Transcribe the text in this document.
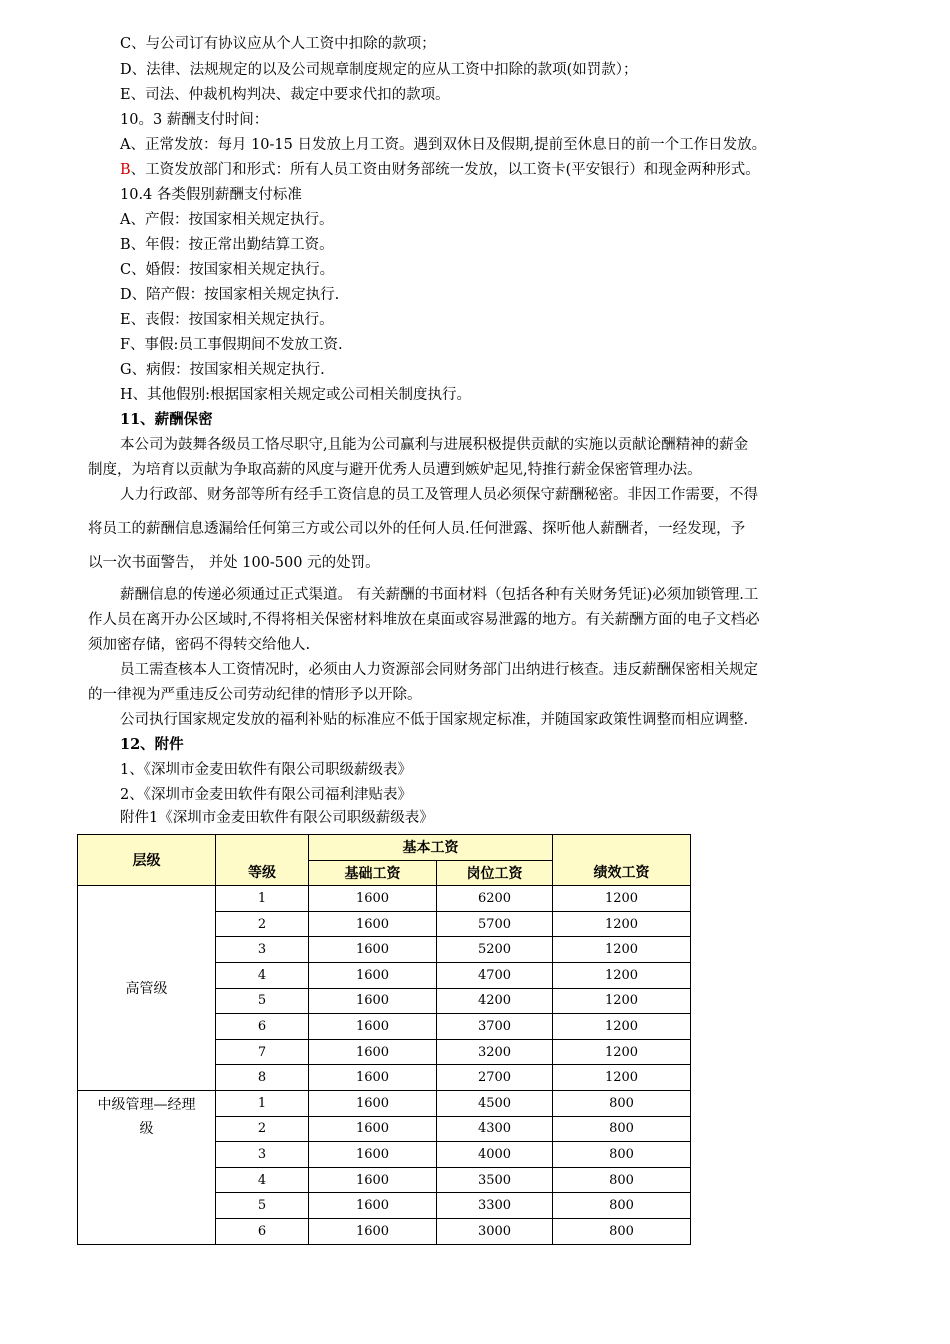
C、与公司订有协议应从个人工资中扣除的款项；
D、法律、法规规定的以及公司规章制度规定的应从工资中扣除的款项(如罚款）；
E、司法、仲裁机构判决、裁定中要求代扣的款项。
10。3 薪酬支付时间：
A、正常发放：每月 10-15 日发放上月工资。遇到双休日及假期,提前至休息日的前一个工作日发放。
B、工资发放部门和形式：所有人员工资由财务部统一发放，以工资卡(平安银行）和现金两种形式。
10.4 各类假别薪酬支付标准
A、产假：按国家相关规定执行。
B、年假：按正常出勤结算工资。
C、婚假：按国家相关规定执行。
D、陪产假：按国家相关规定执行.
E、丧假：按国家相关规定执行。
F、事假:员工事假期间不发放工资.
G、病假：按国家相关规定执行.
H、其他假别:根据国家相关规定或公司相关制度执行。
11、薪酬保密
本公司为鼓舞各级员工恪尽职守,且能为公司赢利与进展积极提供贡献的实施以贡献论酬精神的薪金
制度，为培育以贡献为争取高薪的风度与避开优秀人员遭到嫉妒起见,特推行薪金保密管理办法。
人力行政部、财务部等所有经手工资信息的员工及管理人员必须保守薪酬秘密。非因工作需要，不得
将员工的薪酬信息透漏给任何第三方或公司以外的任何人员.任何泄露、探听他人薪酬者，一经发现，予
以一次书面警告， 并处 100-500 元的处罚。
薪酬信息的传递必须通过正式渠道。 有关薪酬的书面材料（包括各种有关财务凭证)必须加锁管理.工
作人员在离开办公区域时,不得将相关保密材料堆放在桌面或容易泄露的地方。有关薪酬方面的电子文档必
须加密存储，密码不得转交给他人.
员工需查核本人工资情况时，必须由人力资源部会同财务部门出纳进行核查。违反薪酬保密相关规定
的一律视为严重违反公司劳动纪律的情形予以开除。
公司执行国家规定发放的福利补贴的标准应不低于国家规定标准，并随国家政策性调整而相应调整.
12、附件
1、《深圳市金麦田软件有限公司职级薪级表》
2、《深圳市金麦田软件有限公司福利津贴表》
附件1《深圳市金麦田软件有限公司职级薪级表》
层级	等级	基本工资		绩效工资
		基础工资	岗位工资	
高管级	1	1600	6200	1200
	2	1600	5700	1200
	3	1600	5200	1200
	4	1600	4700	1200
	5	1600	4200	1200
	6	1600	3700	1200
	7	1600	3200	1200
	8	1600	2700	1200

中级管理—经理
级	1	1600	4500	800
	2	1600	4300	800
	3	1600	4000	800
	4	1600	3500	800
	5	1600	3300	800
	6	1600	3000	800
